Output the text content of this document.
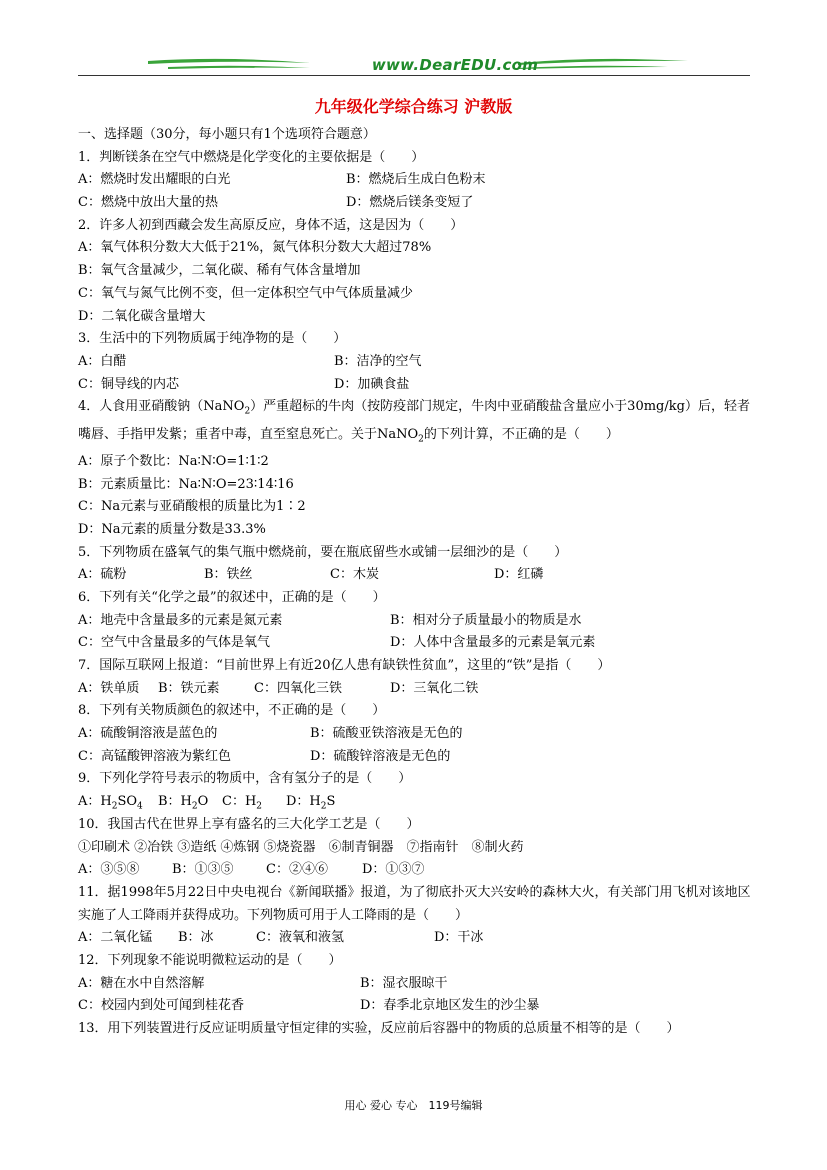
www.DearEDU.com
九年级化学综合练习 沪教版
一、选择题（30分，每小题只有1个选项符合题意）
1．判断镁条在空气中燃烧是化学变化的主要依据是（　　）
A：燃烧时发出耀眼的白光	B：燃烧后生成白色粉末
C：燃烧中放出大量的热	D：燃烧后镁条变短了
2．许多人初到西藏会发生高原反应，身体不适，这是因为（　　）
A：氧气体积分数大大低于21%，氮气体积分数大大超过78%
B：氧气含量减少，二氧化碳、稀有气体含量增加
C：氧气与氮气比例不变，但一定体积空气中气体质量减少
D：二氧化碳含量增大
3．生活中的下列物质属于纯净物的是（　　）
A：白醋	B：洁净的空气
C：铜导线的内芯	D：加碘食盐
4．人食用亚硝酸钠（NaNO$_2$）严重超标的牛肉（按防疫部门规定，牛肉中亚硝酸盐含量应小于30mg/kg）后，轻者嘴唇、手指甲发紫；重者中毒，直至窒息死亡。关于NaNO$_2$的下列计算，不正确的是（　　）
A：原子个数比：Na∶N∶O=1∶1∶2
B：元素质量比：Na∶N∶O=23∶14∶16
C：Na元素与亚硝酸根的质量比为1∶2
D：Na元素的质量分数是33.3%
5．下列物质在盛氧气的集气瓶中燃烧前，要在瓶底留些水或铺一层细沙的是（　　）
A：硫粉	B：铁丝	C：木炭	D：红磷
6．下列有关“化学之最”的叙述中，正确的是（　　）
A：地壳中含量最多的元素是氮元素	B：相对分子质量最小的物质是水
C：空气中含量最多的气体是氧气	D：人体中含量最多的元素是氧元素
7．国际互联网上报道：“目前世界上有近20亿人患有缺铁性贫血”，这里的“铁”是指（　　）
A：铁单质 B：铁元素	C：四氧化三铁	D：三氧化二铁
8．下列有关物质颜色的叙述中，不正确的是（　　）
A：硫酸铜溶液是蓝色的	B：硫酸亚铁溶液是无色的
C：高锰酸钾溶液为紫红色	D：硫酸锌溶液是无色的
9．下列化学符号表示的物质中，含有氢分子的是（　　）
A：$H_2SO_4$ B：$H_2O$ C：$H_2$ D：$H_2S$
10．我国古代在世界上享有盛名的三大化学工艺是（　　）
①印刷术 ②冶铁 ③造纸 ④炼钢 ⑤烧瓷器　⑥制青铜器　⑦指南针　⑧制火药
A：③⑤⑧	B：①③⑤ C：②④⑥	D：①③⑦
11．据1998年5月22日中央电视台《新闻联播》报道，为了彻底扑灭大兴安岭的森林大火，有关部门用飞机对该地区实施了人工降雨并获得成功。下列物质可用于人工降雨的是（　　）
A：二氧化锰 B：冰	C：液氧和液氢	D：干冰
12．下列现象不能说明微粒运动的是（　　）
A：糖在水中自然溶解	B：湿衣服晾干
C：校园内到处可闻到桂花香	D：春季北京地区发生的沙尘暴
13．用下列装置进行反应证明质量守恒定律的实验，反应前后容器中的物质的总质量不相等的是（　　）
用心 爱心 专心　119号编辑
